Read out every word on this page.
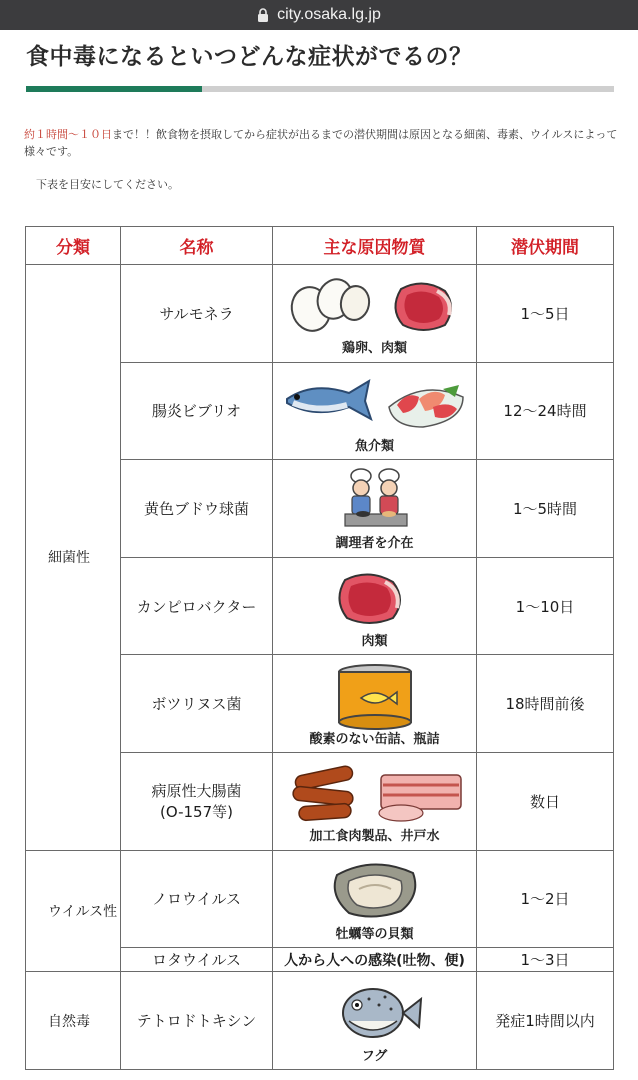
city.osaka.lg.jp
食中毒になるといつどんな症状がでるの？

約１時間〜１０日まで！！飲食物を摂取してから症状が出るまでの潜伏期間は原因となる細菌、毒素、ウイルスによって様々です。

下表を目安にしてください。

分類	名称	主な原因物質	潜伏期間
細菌性	サルモネラ	鶏卵、肉類	1〜5日
	腸炎ビブリオ	魚介類	12〜24時間
	黄色ブドウ球菌	調理者を介在	1〜5時間
	カンピロバクター	肉類	1〜10日
	ボツリヌス菌	酸素のない缶詰、瓶詰	18時間前後
	病原性大腸菌
(O-157等)	加工食肉製品、井戸水	数日
ウイルス性	ノロウイルス	牡蠣等の貝類	1〜2日
	ロタウイルス	人から人への感染(吐物、便)	1〜3日
自然毒	テトロドトキシン	フグ	発症1時間以内
